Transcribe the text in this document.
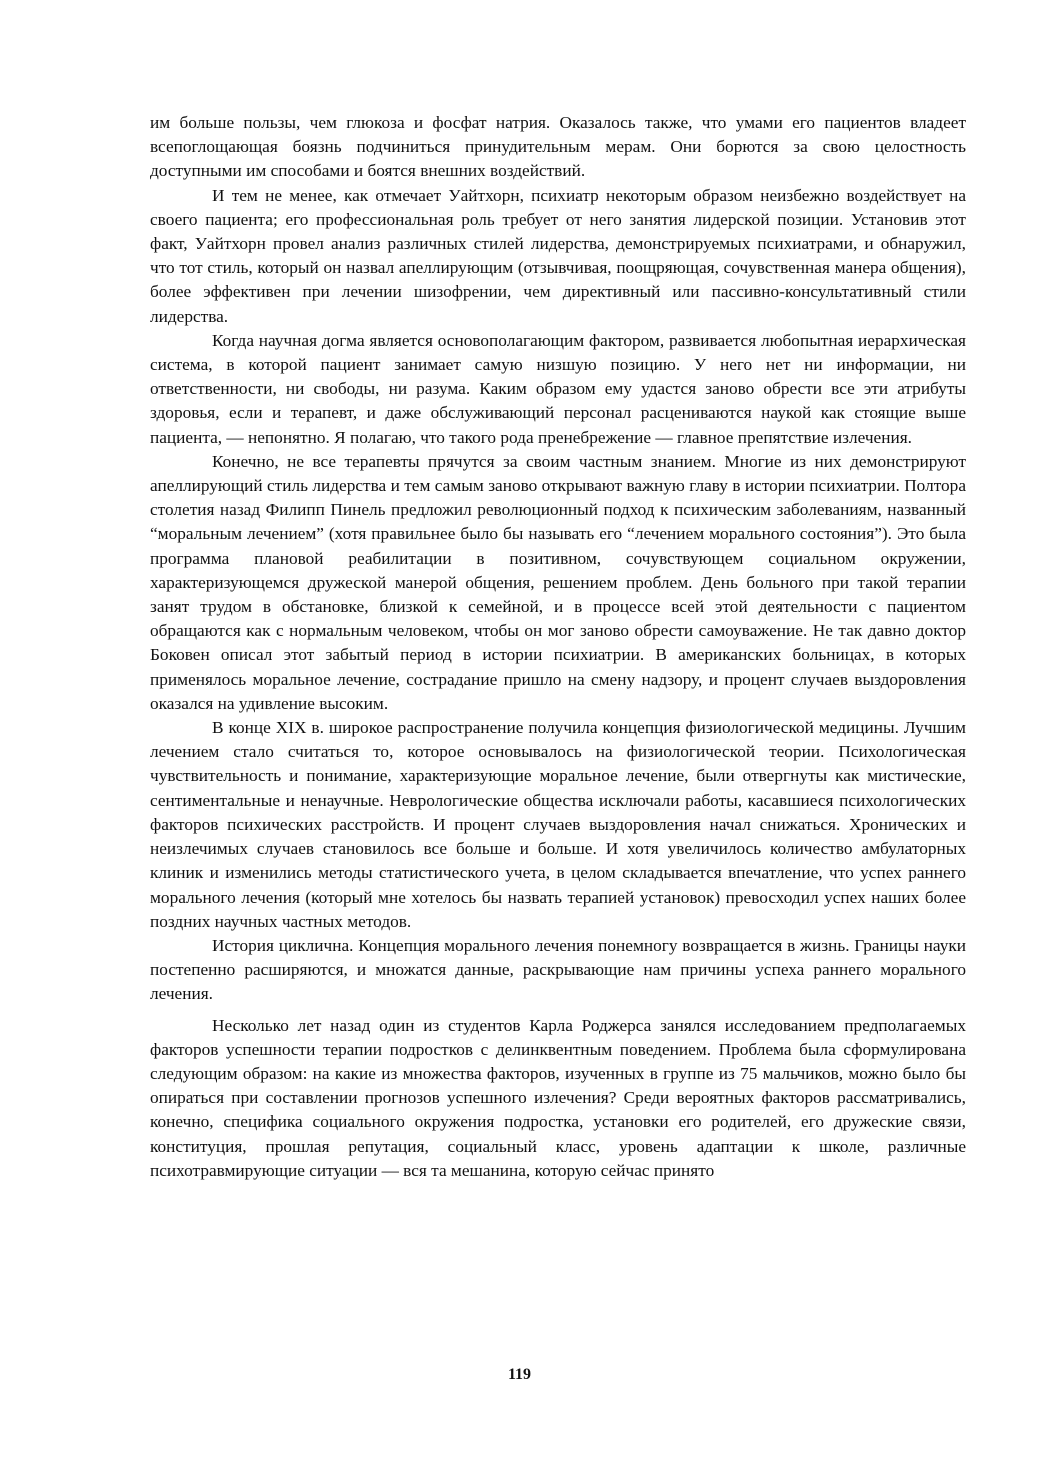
им больше пользы, чем глюкоза и фосфат натрия. Оказалось также, что умами его пациентов владеет всепоглощающая боязнь подчиниться принудительным мерам. Они борются за свою целостность доступными им способами и боятся внешних воздействий.

И тем не менее, как отмечает Уайтхорн, психиатр некоторым образом неизбежно воздействует на своего пациента; его профессиональная роль требует от него занятия лидерской позиции. Установив этот факт, Уайтхорн провел анализ различных стилей лидерства, демонстрируемых психиатрами, и обнаружил, что тот стиль, который он назвал апеллирующим (отзывчивая, поощряющая, сочувственная манера общения), более эффективен при лечении шизофрении, чем директивный или пассивно-консультативный стили лидерства.

Когда научная догма является основополагающим фактором, развивается любопытная иерархическая система, в которой пациент занимает самую низшую позицию. У него нет ни информации, ни ответственности, ни свободы, ни разума. Каким образом ему удастся заново обрести все эти атрибуты здоровья, если и терапевт, и даже обслуживающий персонал расцениваются наукой как стоящие выше пациента, — непонятно. Я полагаю, что такого рода пренебрежение — главное препятствие излечения.

Конечно, не все терапевты прячутся за своим частным знанием. Многие из них демонстрируют апеллирующий стиль лидерства и тем самым заново открывают важную главу в истории психиатрии. Полтора столетия назад Филипп Пинель предложил революционный подход к психическим заболеваниям, названный “моральным лечением” (хотя правильнее было бы называть его “лечением морального состояния”). Это была программа плановой реабилитации в позитивном, сочувствующем социальном окружении, характеризующемся дружеской манерой общения, решением проблем. День больного при такой терапии занят трудом в обстановке, близкой к семейной, и в процессе всей этой деятельности с пациентом обращаются как с нормальным человеком, чтобы он мог заново обрести самоуважение. Не так давно доктор Боковен описал этот забытый период в истории психиатрии. В американских больницах, в которых применялось моральное лечение, сострадание пришло на смену надзору, и процент случаев выздоровления оказался на удивление высоким.

В конце XIX в. широкое распространение получила концепция физиологической медицины. Лучшим лечением стало считаться то, которое основывалось на физиологической теории. Психологическая чувствительность и понимание, характеризующие моральное лечение, были отвергнуты как мистические, сентиментальные и ненаучные. Неврологические общества исключали работы, касавшиеся психологических факторов психических расстройств. И процент случаев выздоровления начал снижаться. Хронических и неизлечимых случаев становилось все больше и больше. И хотя увеличилось количество амбулаторных клиник и изменились методы статистического учета, в целом складывается впечатление, что успех раннего морального лечения (который мне хотелось бы назвать терапией установок) превосходил успех наших более поздних научных частных методов.

История циклична. Концепция морального лечения понемногу возвращается в жизнь. Границы науки постепенно расширяются, и множатся данные, раскрывающие нам причины успеха раннего морального лечения.

Несколько лет назад один из студентов Карла Роджерса занялся исследованием предполагаемых факторов успешности терапии подростков с делинквентным поведением. Проблема была сформулирована следующим образом: на какие из множества факторов, изученных в группе из 75 мальчиков, можно было бы опираться при составлении прогнозов успешного излечения? Среди вероятных факторов рассматривались, конечно, специфика социального окружения подростка, установки его родителей, его дружеские связи, конституция, прошлая репутация, социальный класс, уровень адаптации к школе, различные психотравмирующие ситуации — вся та мешанина, которую сейчас принято

119
